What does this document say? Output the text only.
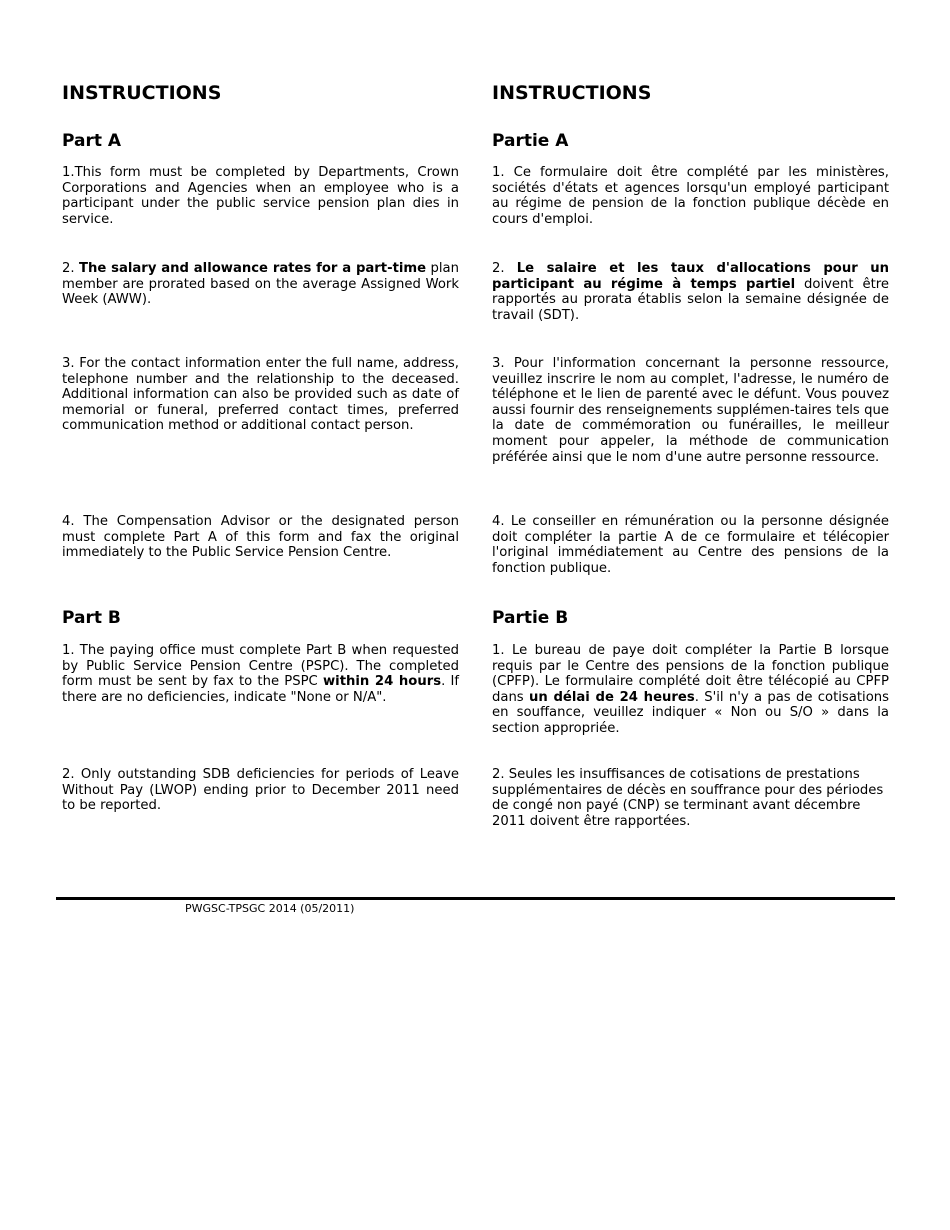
INSTRUCTIONS
Part A

1.This form must be completed by Departments, Crown Corporations and Agencies when an employee who is a participant under the public service pension plan dies in service.

2. The salary and allowance rates for a part-time plan member are prorated based on the average Assigned Work Week (AWW).

3. For the contact information enter the full name, address, telephone number and the relationship to the deceased. Additional information can also be provided such as date of memorial or funeral, preferred contact times, preferred communication method or additional contact person.

4. The Compensation Advisor or the designated person must complete Part A of this form and fax the original immediately to the Public Service Pension Centre.

Part B

1. The paying office must complete Part B when requested by Public Service Pension Centre (PSPC). The completed form must be sent by fax to the PSPC within 24 hours. If there are no deficiencies, indicate "None or N/A".

2. Only outstanding SDB deficiencies for periods of Leave Without Pay (LWOP) ending prior to December 2011 need to be reported.

INSTRUCTIONS
Partie A

1. Ce formulaire doit être complété par les ministères, sociétés d'états et agences lorsqu'un employé participant au régime de pension de la fonction publique décède en cours d'emploi.

2. Le salaire et les taux d'allocations pour un participant au régime à temps partiel doivent être rapportés au prorata établis selon la semaine désignée de travail (SDT).

3. Pour l'information concernant la personne ressource, veuillez inscrire le nom au complet, l'adresse, le numéro de téléphone et le lien de parenté avec le défunt. Vous pouvez aussi fournir des renseignements supplémen-taires tels que la date de commémoration ou funérailles, le meilleur moment pour appeler, la méthode de communication préférée ainsi que le nom d'une autre personne ressource.

4. Le conseiller en rémunération ou la personne désignée doit compléter la partie A de ce formulaire et télécopier l'original immédiatement au Centre des pensions de la fonction publique.

Partie B

1. Le bureau de paye doit compléter la Partie B lorsque requis par le Centre des pensions de la fonction publique (CPFP). Le formulaire complété doit être télécopié au CPFP dans un délai de 24 heures. S'il n'y a pas de cotisations en souffance, veuillez indiquer « Non ou S/O » dans la section appropriée.

2. Seules les insuffisances de cotisations de prestations supplémentaires de décès en souffrance pour des périodes de congé non payé (CNP) se terminant avant décembre 2011 doivent être rapportées.

PWGSC-TPSGC 2014 (05/2011)
